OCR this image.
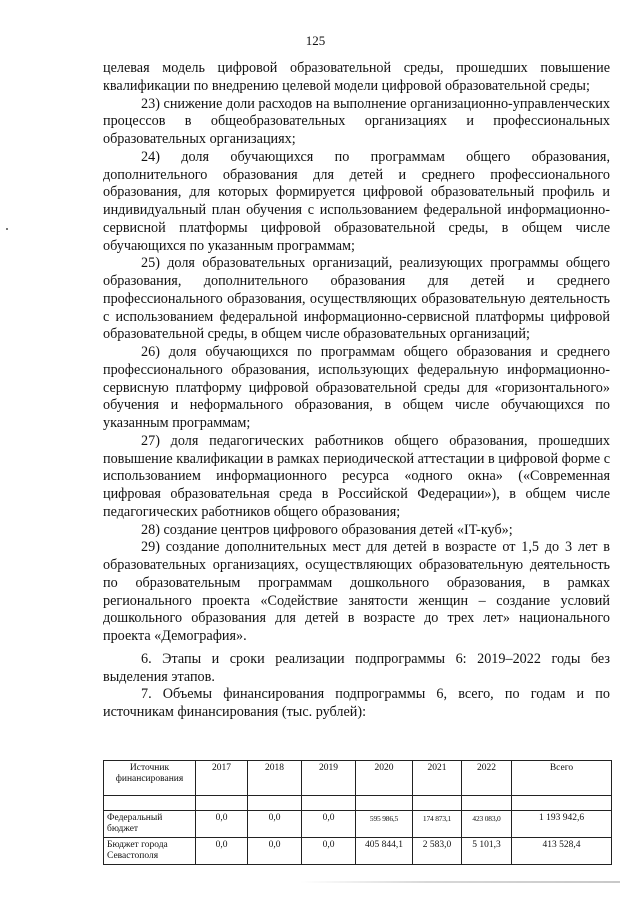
125

целевая модель цифровой образовательной среды, прошедших повышение квалификации по внедрению целевой модели цифровой образовательной среды;

23) снижение доли расходов на выполнение организационно-управленческих процессов в общеобразовательных организациях и профессиональных образовательных организациях;

24) доля обучающихся по программам общего образования, дополнительного образования для детей и среднего профессионального образования, для которых формируется цифровой образовательный профиль и индивидуальный план обучения с использованием федеральной информационно-сервисной платформы цифровой образовательной среды, в общем числе обучающихся по указанным программам;

25) доля образовательных организаций, реализующих программы общего образования, дополнительного образования для детей и среднего профессионального образования, осуществляющих образовательную деятельность с использованием федеральной информационно-сервисной платформы цифровой образовательной среды, в общем числе образовательных организаций;

26) доля обучающихся по программам общего образования и среднего профессионального образования, использующих федеральную информационно-сервисную платформу цифровой образовательной среды для «горизонтального» обучения и неформального образования, в общем числе обучающихся по указанным программам;

27) доля педагогических работников общего образования, прошедших повышение квалификации в рамках периодической аттестации в цифровой форме с использованием информационного ресурса «одного окна» («Современная цифровая образовательная среда в Российской Федерации»), в общем числе педагогических работников общего образования;

28) создание центров цифрового образования детей «IT-куб»;

29) создание дополнительных мест для детей в возрасте от 1,5 до 3 лет в образовательных организациях, осуществляющих образовательную деятельность по образовательным программам дошкольного образования, в рамках регионального проекта «Содействие занятости женщин – создание условий дошкольного образования для детей в возрасте до трех лет» национального проекта «Демография».

6. Этапы и сроки реализации подпрограммы 6: 2019–2022 годы без выделения этапов.

7. Объемы финансирования подпрограммы 6, всего, по годам и по источникам финансирования (тыс. рублей):

Источник финансирования	2017	2018	2019	2020	2021	2022	Всего

Федеральный бюджет	0,0	0,0	0,0	595 986,5	174 873,1	423 083,0	1 193 942,6
Бюджет города Севастополя	0,0	0,0	0,0	405 844,1	2 583,0	5 101,3	413 528,4
